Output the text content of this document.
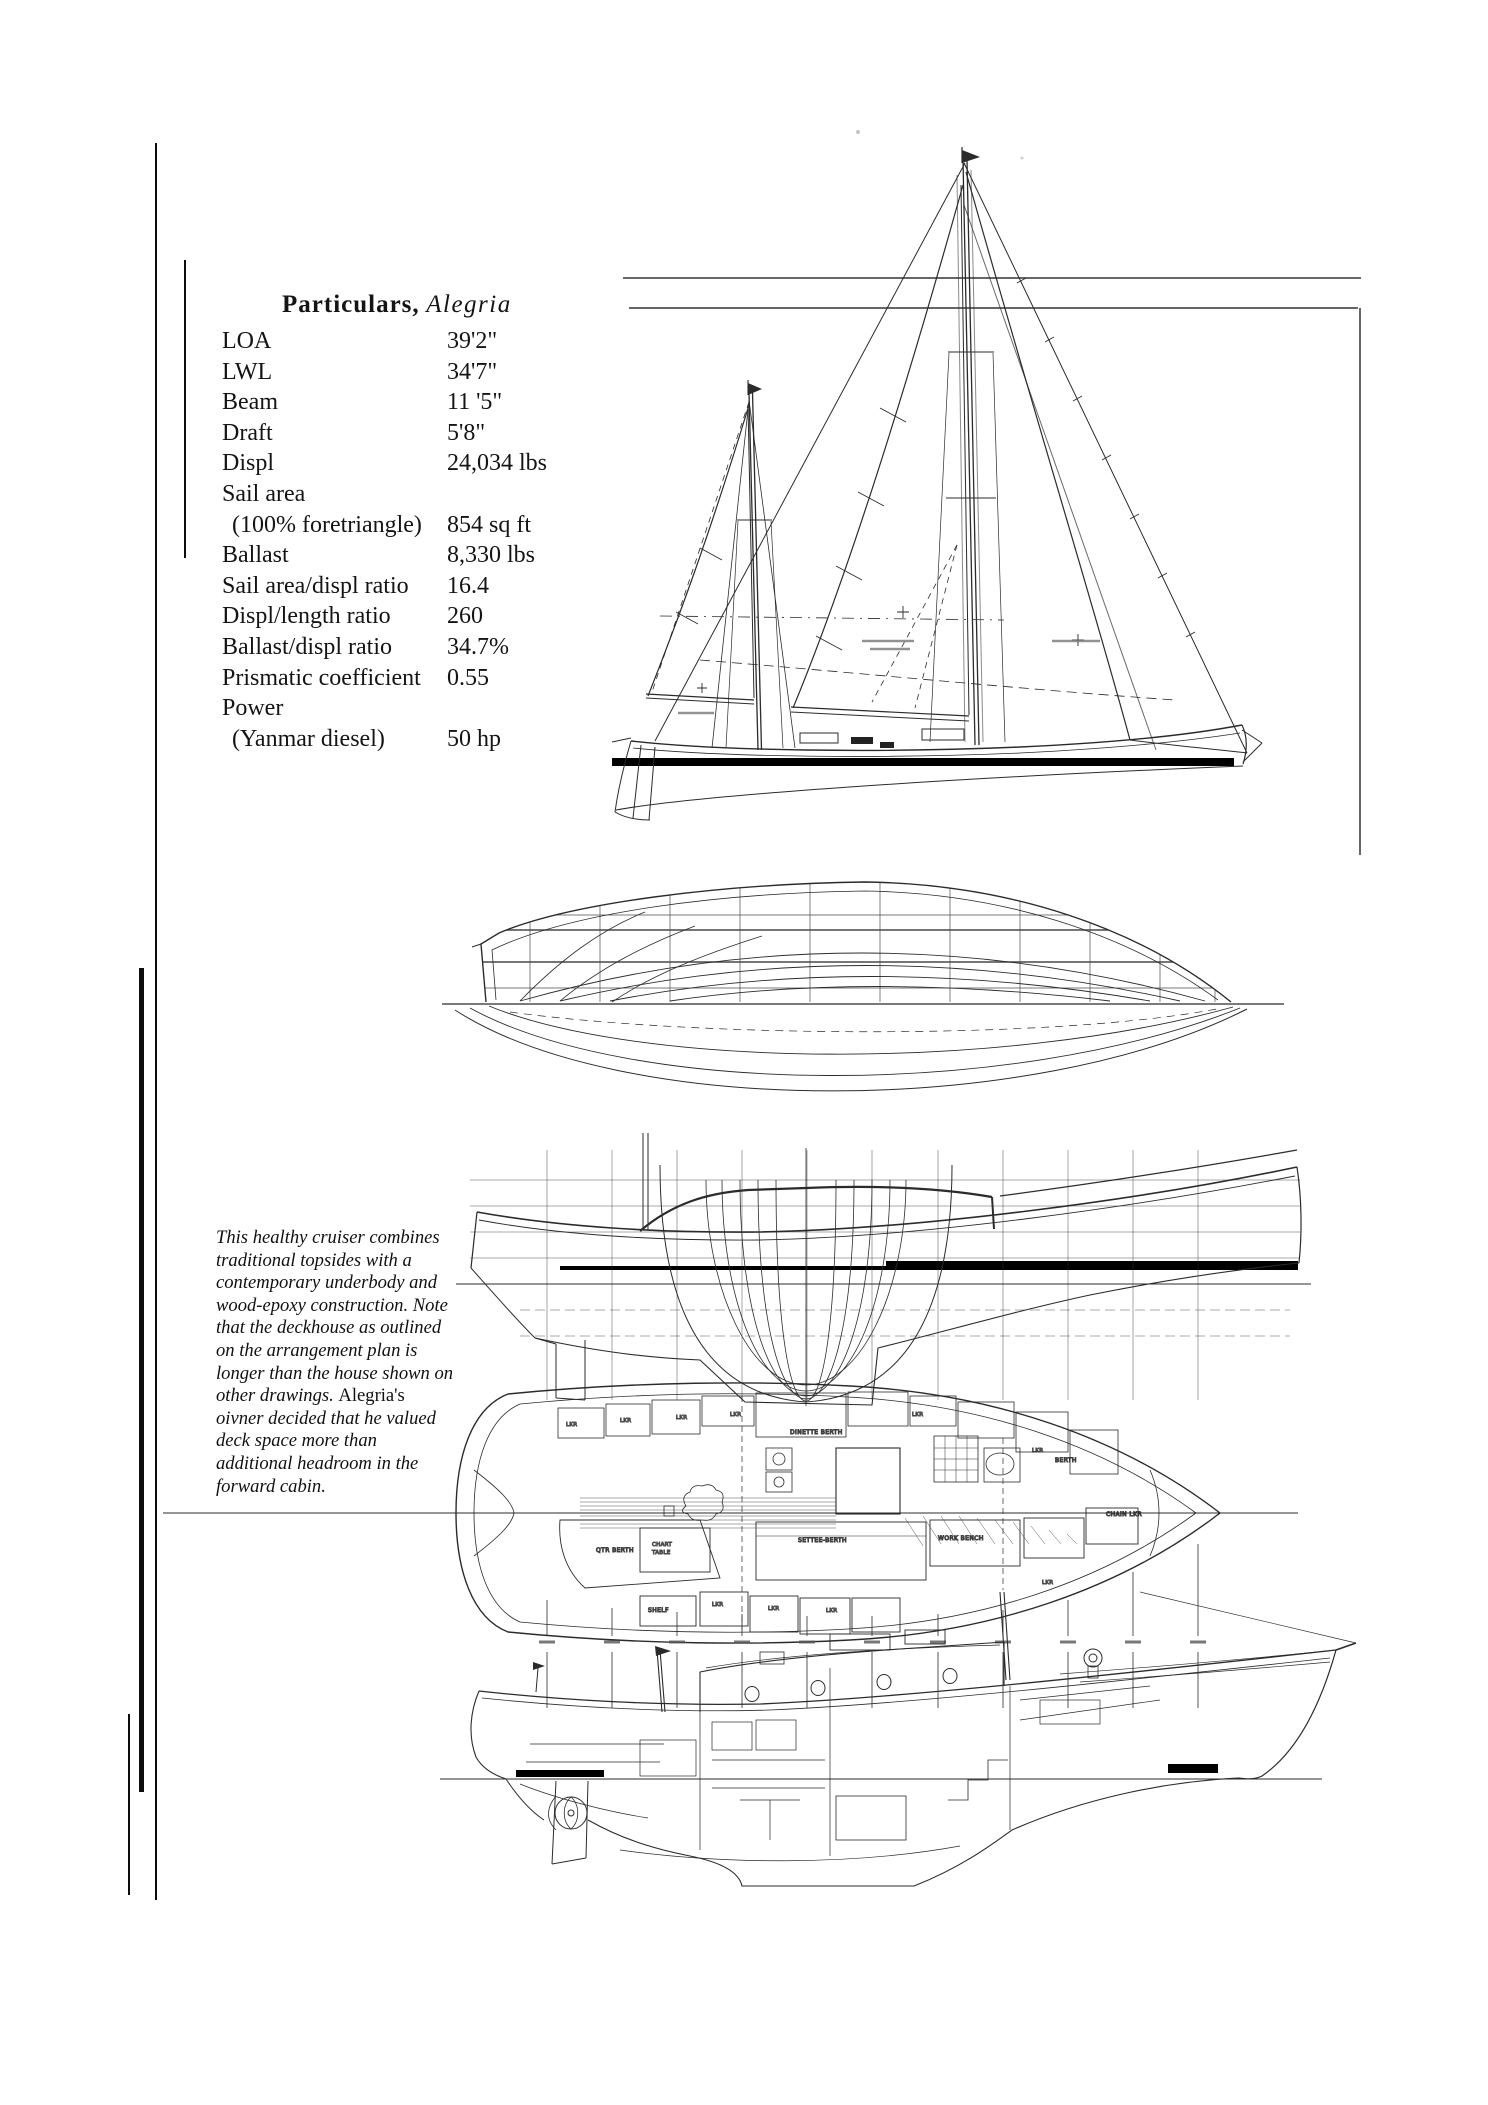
LKR
LKR	LKR	LKR	LKR
LKR
DINETTE BERTH
BERTH
CHAIN LKR
SETTEE-BERTH	WORK BENCH
QTR BERTH
CHART
TABLE
SHELF
LKR
LKR	LKR
LKR
Particulars, Alegria
LOA	39'2"
LWL	34'7"
Beam	11 '5"
Draft	5'8"
Displ	24,034 lbs
Sail area
(100% foretriangle) 854 sq ft
Ballast	8,330 lbs
Sail area/displ ratio 16.4
Displ/length ratio 260
Ballast/displ ratio 34.7%
Prismatic coefficient 0.55
Power
(Yanmar diesel)	50 hp
This healthy cruiser combines traditional topsides with a contemporary underbody and wood-epoxy construction. Note that the deckhouse as outlined on the arrangement plan is longer than the house shown on other drawings. Alegria's oivner decided that he valued deck space more than additional headroom in the forward cabin.
